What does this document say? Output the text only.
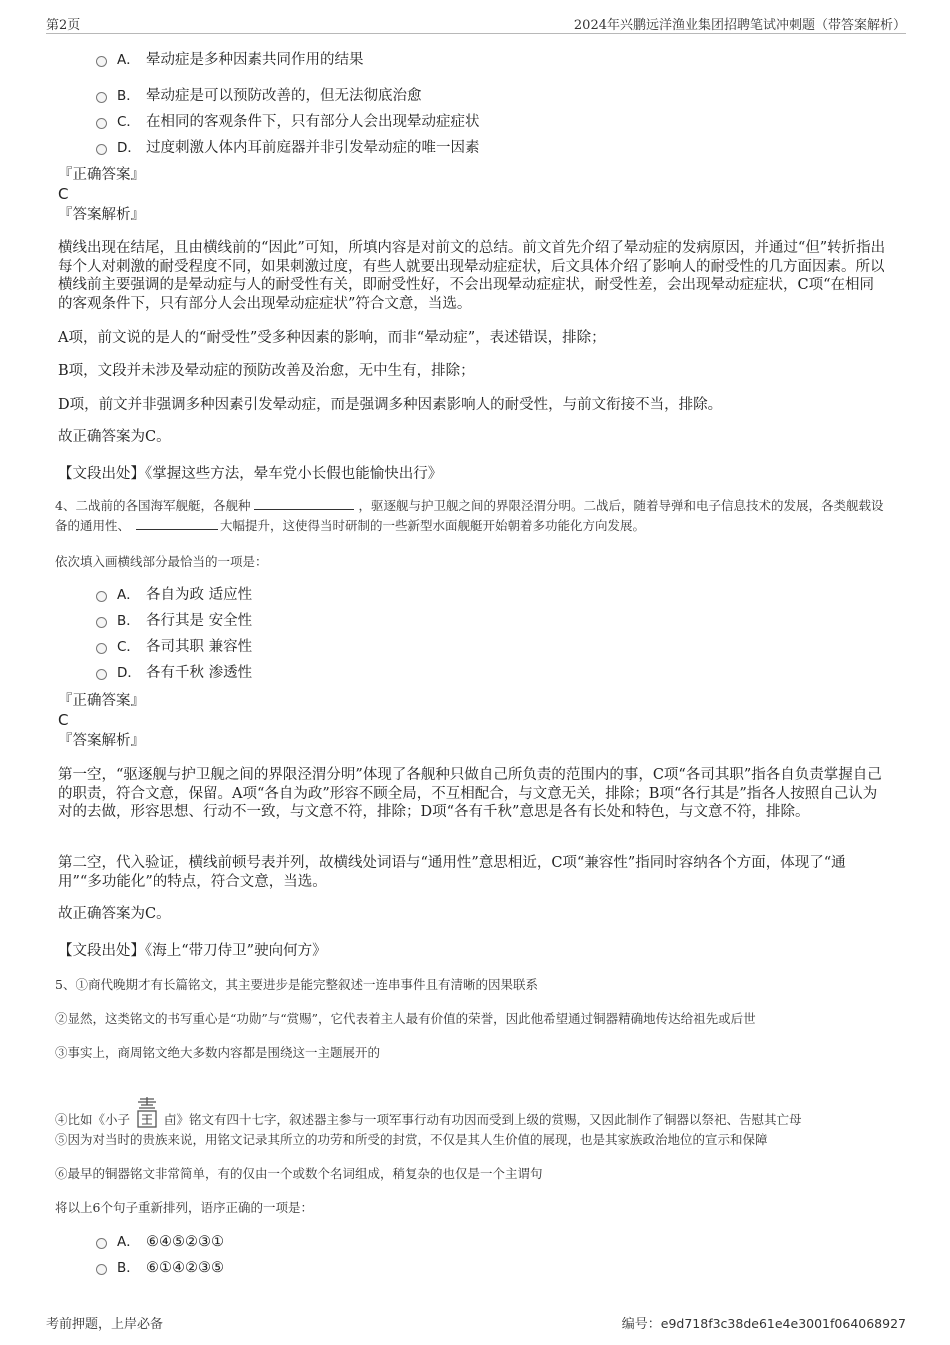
第2页	2024年兴鹏远洋渔业集团招聘笔试冲刺题（带答案解析）
A． 晕动症是多种因素共同作用的结果
B． 晕动症是可以预防改善的，但无法彻底治愈
C． 在相同的客观条件下，只有部分人会出现晕动症症状
D． 过度刺激人体内耳前庭器并非引发晕动症的唯一因素
『正确答案』
C
『答案解析』
横线出现在结尾，且由横线前的“因此”可知，所填内容是对前文的总结。前文首先介绍了晕动症的发病原因，并通过“但”转折指出每个人对刺激的耐受程度不同，如果刺激过度，有些人就要出现晕动症症状，后文具体介绍了影响人的耐受性的几方面因素。所以横线前主要强调的是晕动症与人的耐受性有关，即耐受性好，不会出现晕动症症状，耐受性差，会出现晕动症症状，C项“在相同的客观条件下，只有部分人会出现晕动症症状”符合文意，当选。
A项，前文说的是人的“耐受性”受多种因素的影响，而非“晕动症”，表述错误，排除；
B项，文段并未涉及晕动症的预防改善及治愈，无中生有，排除；
D项，前文并非强调多种因素引发晕动症，而是强调多种因素影响人的耐受性，与前文衔接不当，排除。
故正确答案为C。
【文段出处】《掌握这些方法，晕车党小长假也能愉快出行》
4、二战前的各国海军舰艇，各舰种	，驱逐舰与护卫舰之间的界限泾渭分明。二战后，随着导弹和电子信息技术的发展，各类舰载设备的通用性、	大幅提升，这使得当时研制的一些新型水面舰艇开始朝着多功能化方向发展。
依次填入画横线部分最恰当的一项是：
A． 各自为政 适应性
B． 各行其是 安全性
C． 各司其职 兼容性
D． 各有千秋 渗透性
『正确答案』
C
『答案解析』
第一空，“驱逐舰与护卫舰之间的界限泾渭分明”体现了各舰种只做自己所负责的范围内的事，C项“各司其职”指各自负责掌握自己的职责，符合文意，保留。A项“各自为政”形容不顾全局，不互相配合，与文意无关，排除；B项“各行其是”指各人按照自己认为对的去做，形容思想、行动不一致，与文意不符，排除；D项“各有千秋”意思是各有长处和特色，与文意不符，排除。
第二空，代入验证，横线前顿号表并列，故横线处词语与“通用性”意思相近，C项“兼容性”指同时容纳各个方面，体现了“通用”“多功能化”的特点，符合文意，当选。
故正确答案为C。
【文段出处】《海上“带刀侍卫”驶向何方》
5、①商代晚期才有长篇铭文，其主要进步是能完整叙述一连串事件且有清晰的因果联系
②显然，这类铭文的书写重心是“功勋”与“赏赐”，它代表着主人最有价值的荣誉，因此他希望通过铜器精确地传达给祖先或后世
③事实上，商周铭文绝大多数内容都是围绕这一主题展开的
④比如《小子	卣》铭文有四十七字，叙述器主参与一项军事行动有功因而受到上级的赏赐，又因此制作了铜器以祭祀、告慰其亡母
⑤因为对当时的贵族来说，用铭文记录其所立的功劳和所受的封赏，不仅是其人生价值的展现，也是其家族政治地位的宣示和保障
⑥最早的铜器铭文非常简单，有的仅由一个或数个名词组成，稍复杂的也仅是一个主谓句
将以上6个句子重新排列，语序正确的一项是：
A． ⑥④⑤②③①
B． ⑥①④②③⑤
考前押题，上岸必备	编号：e9d718f3c38de61e4e3001f064068927
